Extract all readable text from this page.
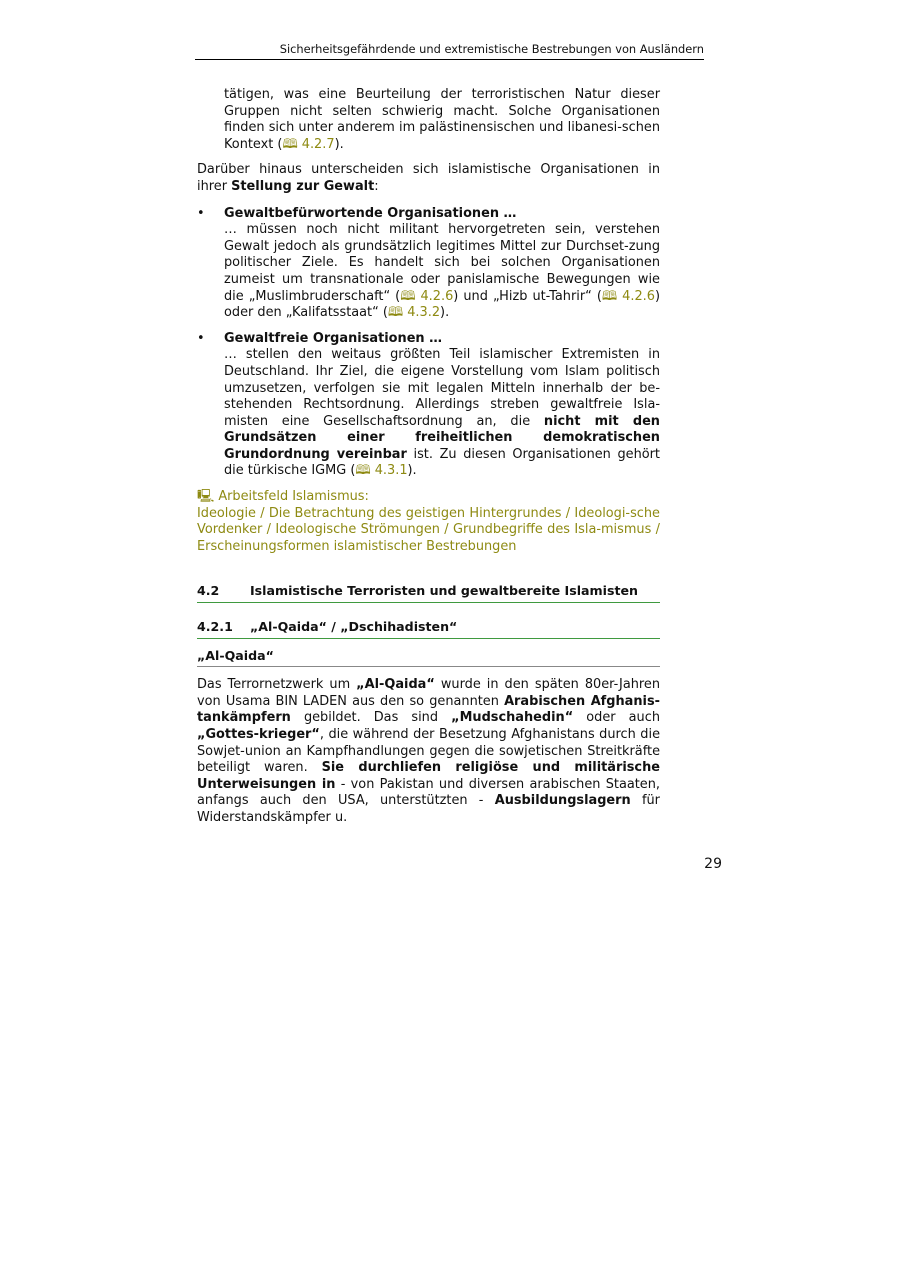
Sicherheitsgefährdende und extremistische Bestrebungen von Ausländern

tätigen, was eine Beurteilung der terroristischen Natur dieser Gruppen nicht selten schwierig macht. Solche Organisationen finden sich unter anderem im palästinensischen und libanesi-schen Kontext (🕮 4.2.7).

Darüber hinaus unterscheiden sich islamistische Organisationen in ihrer Stellung zur Gewalt:

•	Gewaltbefürwortende Organisationen …

… müssen noch nicht militant hervorgetreten sein, verstehen Gewalt jedoch als grundsätzlich legitimes Mittel zur Durchset-zung politischer Ziele. Es handelt sich bei solchen Organisationen zumeist um transnationale oder panislamische Bewegungen wie die „Muslimbruderschaft“ (🕮 4.2.6) und „Hizb ut-Tahrir“ (🕮 4.2.6) oder den „Kalifatsstaat“ (🕮 4.3.2).

•	Gewaltfreie Organisationen …

… stellen den weitaus größten Teil islamischer Extremisten in Deutschland. Ihr Ziel, die eigene Vorstellung vom Islam politisch umzusetzen, verfolgen sie mit legalen Mitteln innerhalb der be-stehenden Rechtsordnung. Allerdings streben gewaltfreie Isla-misten eine Gesellschaftsordnung an, die nicht mit den Grundsätzen einer freiheitlichen demokratischen Grundordnung vereinbar ist. Zu diesen Organisationen gehört die türkische IGMG (🕮 4.3.1).

🖳 Arbeitsfeld Islamismus:

Ideologie / Die Betrachtung des geistigen Hintergrundes / Ideologi-sche Vordenker / Ideologische Strömungen / Grundbegriffe des Isla-mismus / Erscheinungsformen islamistischer Bestrebungen

4.2 Islamistische Terroristen und gewaltbereite Islamisten
4.2.1 „Al-Qaida“ / „Dschihadisten“
„Al-Qaida“

Das Terrornetzwerk um „Al-Qaida“ wurde in den späten 80er-Jahren von Usama BIN LADEN aus den so genannten Arabischen Afghanis-tankämpfern gebildet. Das sind „Mudschahedin“ oder auch „Gottes-krieger“, die während der Besetzung Afghanistans durch die Sowjet-union an Kampfhandlungen gegen die sowjetischen Streitkräfte beteiligt waren. Sie durchliefen religiöse und militärische Unterweisungen in - von Pakistan und diversen arabischen Staaten, anfangs auch den USA, unterstützten - Ausbildungslagern für Widerstandskämpfer u.

29
